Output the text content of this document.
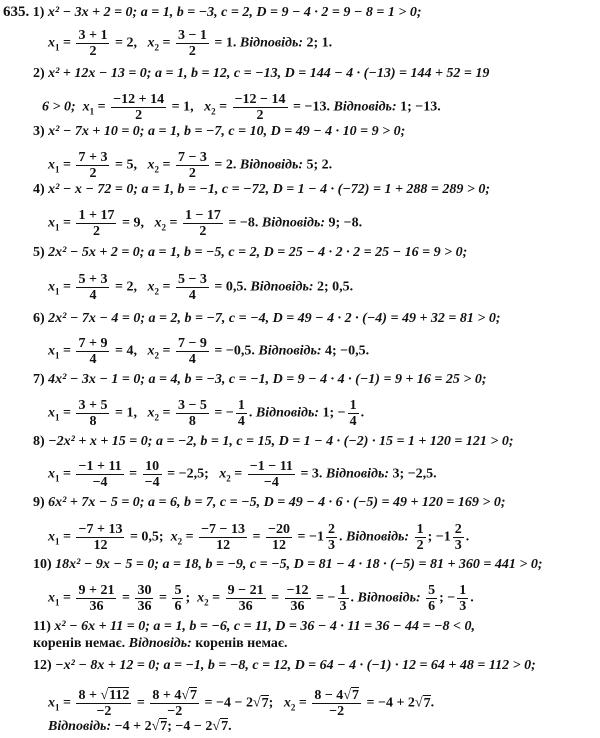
635. 1) x² − 3x + 2 = 0; a = 1, b = −3, c = 2, D = 9 − 4 · 2 = 9 − 8 = 1 > 0;
$x_1 = \frac{3 + 1}{2} = 2$, $x_2 = \frac{3 - 1}{2} = 1$. Відповідь: 2; 1.
2) x² + 12x − 13 = 0; a = 1, b = 12, c = −13, D = 144 − 4 · (−13) = 144 + 52 = 19
6 > 0; $x_1 = \frac{-12 + 14}{2} = 1$, $x_2 = \frac{-12 - 14}{2} = -13$. Відповідь: 1; −13.
3) x² − 7x + 10 = 0; a = 1, b = −7, c = 10, D = 49 − 4 · 10 = 9 > 0;
$x_1 = \frac{7 + 3}{2} = 5$, $x_2 = \frac{7 - 3}{2} = 2$. Відповідь: 5; 2.
4) x² − x − 72 = 0; a = 1, b = −1, c = −72, D = 1 − 4 · (−72) = 1 + 288 = 289 > 0;
$x_1 = \frac{1 + 17}{2} = 9$, $x_2 = \frac{1 - 17}{2} = -8$. Відповідь: 9; −8.
5) 2x² − 5x + 2 = 0; a = 1, b = −5, c = 2, D = 25 − 4 · 2 · 2 = 25 − 16 = 9 > 0;
$x_1 = \frac{5 + 3}{4} = 2$, $x_2 = \frac{5 - 3}{4} = 0,5$. Відповідь: 2; 0,5.
6) 2x² − 7x − 4 = 0; a = 2, b = −7, c = −4, D = 49 − 4 · 2 · (−4) = 49 + 32 = 81 > 0;
$x_1 = \frac{7 + 9}{4} = 4$, $x_2 = \frac{7 - 9}{4} = -0,5$. Відповідь: 4; −0,5.
7) 4x² − 3x − 1 = 0; a = 4, b = −3, c = −1, D = 9 − 4 · 4 · (−1) = 9 + 16 = 25 > 0;
$x_1 = \frac{3 + 5}{8} = 1$, $x_2 = \frac{3 - 5}{8}$ = − $\frac{1}{4}$ . Відповідь: 1; − $\frac{1}{4}$ .
8) −2x² + x + 15 = 0; a = −2, b = 1, c = 15, D = 1 − 4 · (−2) · 15 = 1 + 120 = 121 > 0;
$x_1 = \frac{-1 + 11}{-4} = \frac{10}{-4} = -2,5$; $x_2 = \frac{-1 - 11}{-4} = 3$. Відповідь: 3; −2,5.
9) 6x² + 7x − 5 = 0; a = 6, b = 7, c = −5, D = 49 − 4 · 6 · (−5) = 49 + 120 = 169 > 0;
$x_1 = \frac{-7 + 13}{12} = 0,5$; $x_2 = \frac{-7 - 13}{12} = \frac{-20}{12} = -1 \frac{2}{3}$ . Відповідь: $\frac{1}{2}$ ; $-1 \frac{2}{3}$ .
10) 18x² − 9x − 5 = 0; a = 18, b = −9, c = −5, D = 81 − 4 · 18 · (−5) = 81 + 360 = 441 > 0;
$x_1 = \frac{9 + 21}{36} = \frac{30}{36} = \frac{5}{6}$ ; $x_2 = \frac{9 - 21}{36} = \frac{-12}{36}$ = − $\frac{1}{3}$ . Відповідь: $\frac{5}{6}$ ; − $\frac{1}{3}$ .
11) x² − 6x + 11 = 0; a = 1, b = −6, c = 11, D = 36 − 4 · 11 = 36 − 44 = −8 < 0,
коренів немає. Відповідь: коренів немає.
12) −x² − 8x + 12 = 0; a = −1, b = −8, c = 12, D = 64 − 4 · (−1) · 12 = 64 + 48 = 112 > 0;
$x_1 = \frac{8 + √112}{-2} = \frac{8 + 4√7}{-2} = -4 - 2√7$; $x_2 = \frac{8 - 4√7}{-2} = -4 + 2√7$.
Відповідь: −4 + 2√7; −4 − 2√7.
